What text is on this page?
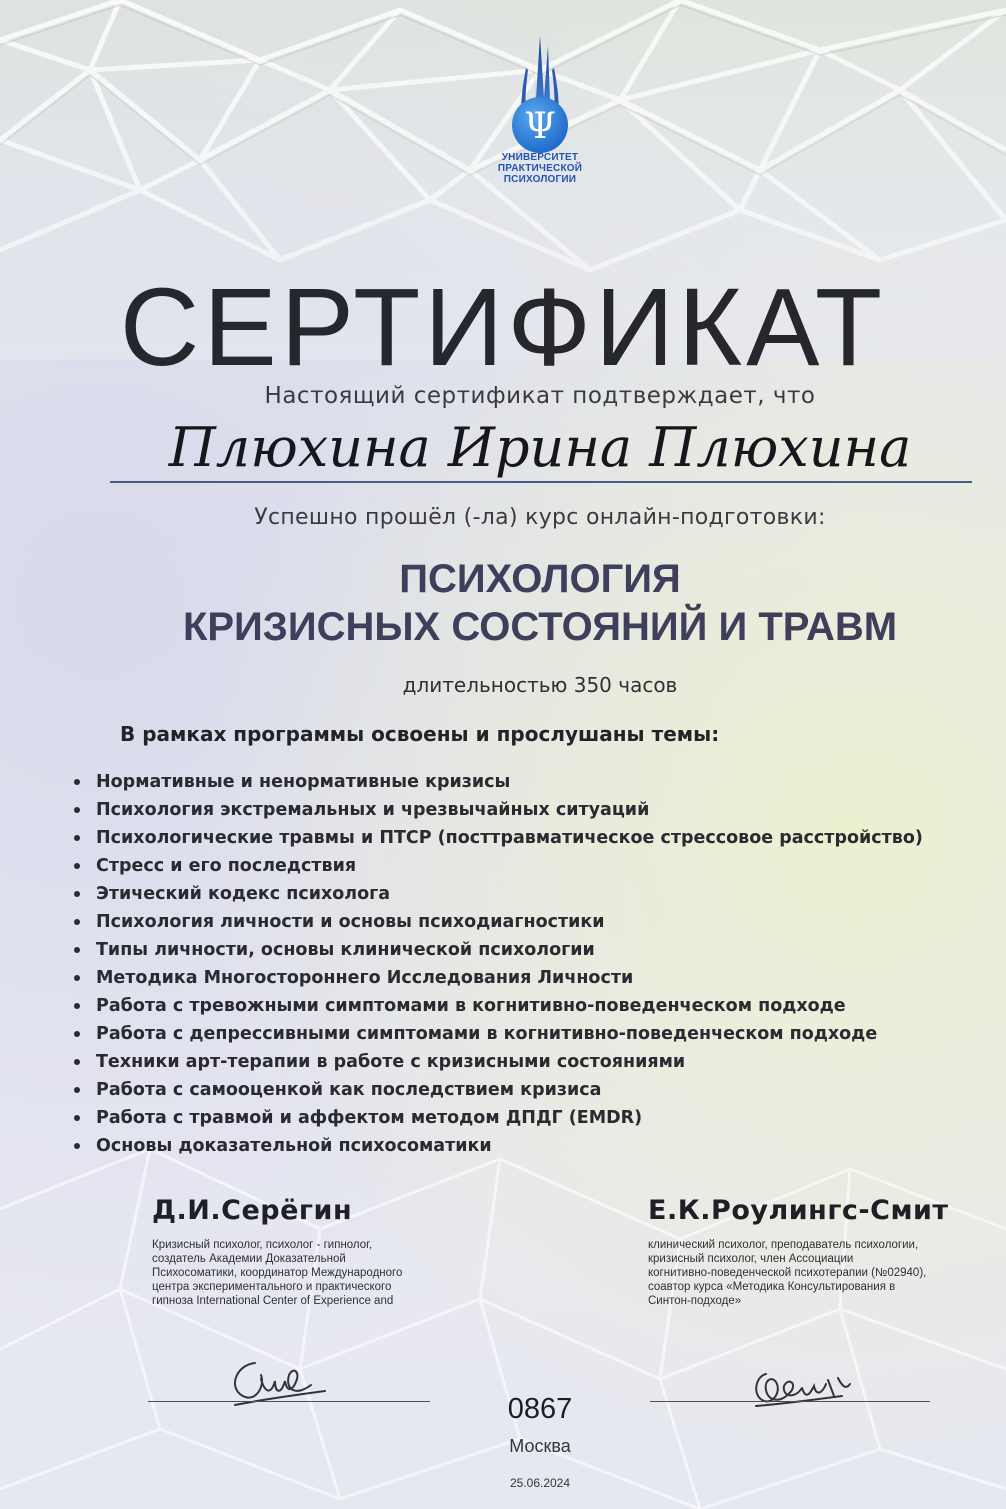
Ψ
УНИВЕРСИТЕТ
ПРАКТИЧЕСКОЙ
ПСИХОЛОГИИ
СЕРТИФИКАТ
Настоящий сертификат подтверждает, что
Плюхина Ирина Плюхина
Успешно прошёл (-ла) курс онлайн-подготовки:
ПСИХОЛОГИЯ
КРИЗИСНЫХ СОСТОЯНИЙ И ТРАВМ
длительностью 350 часов
В рамках программы освоены и прослушаны темы:
Нормативные и ненормативные кризисы
Психология экстремальных и чрезвычайных ситуаций
Психологические травмы и ПТСР (посттравматическое стрессовое расстройство)
Стресс и его последствия
Этический кодекс психолога
Психология личности и основы психодиагностики
Типы личности, основы клинической психологии
Методика Многостороннего Исследования Личности
Работа с тревожными симптомами в когнитивно-поведенческом подходе
Работа с депрессивными симптомами в когнитивно-поведенческом подходе
Техники арт-терапии в работе с кризисными состояниями
Работа с самооценкой как последствием кризиса
Работа с травмой и аффектом методом ДПДГ (EMDR)
Основы доказательной психосоматики
Д.И.Серёгин
Кризисный психолог, психолог - гипнолог,
создатель Академии Доказательной
Психосоматики, координатор Международного
центра экспериментального и практического
гипноза International Center of Experience and
Е.К.Роулингс-Смит
клинический психолог, преподаватель психологии,
кризисный психолог, член Ассоциации
когнитивно-поведенческой психотерапии (№02940),
соавтор курса «Методика Консультирования в
Синтон-подходе»
0867
Москва
25.06.2024
